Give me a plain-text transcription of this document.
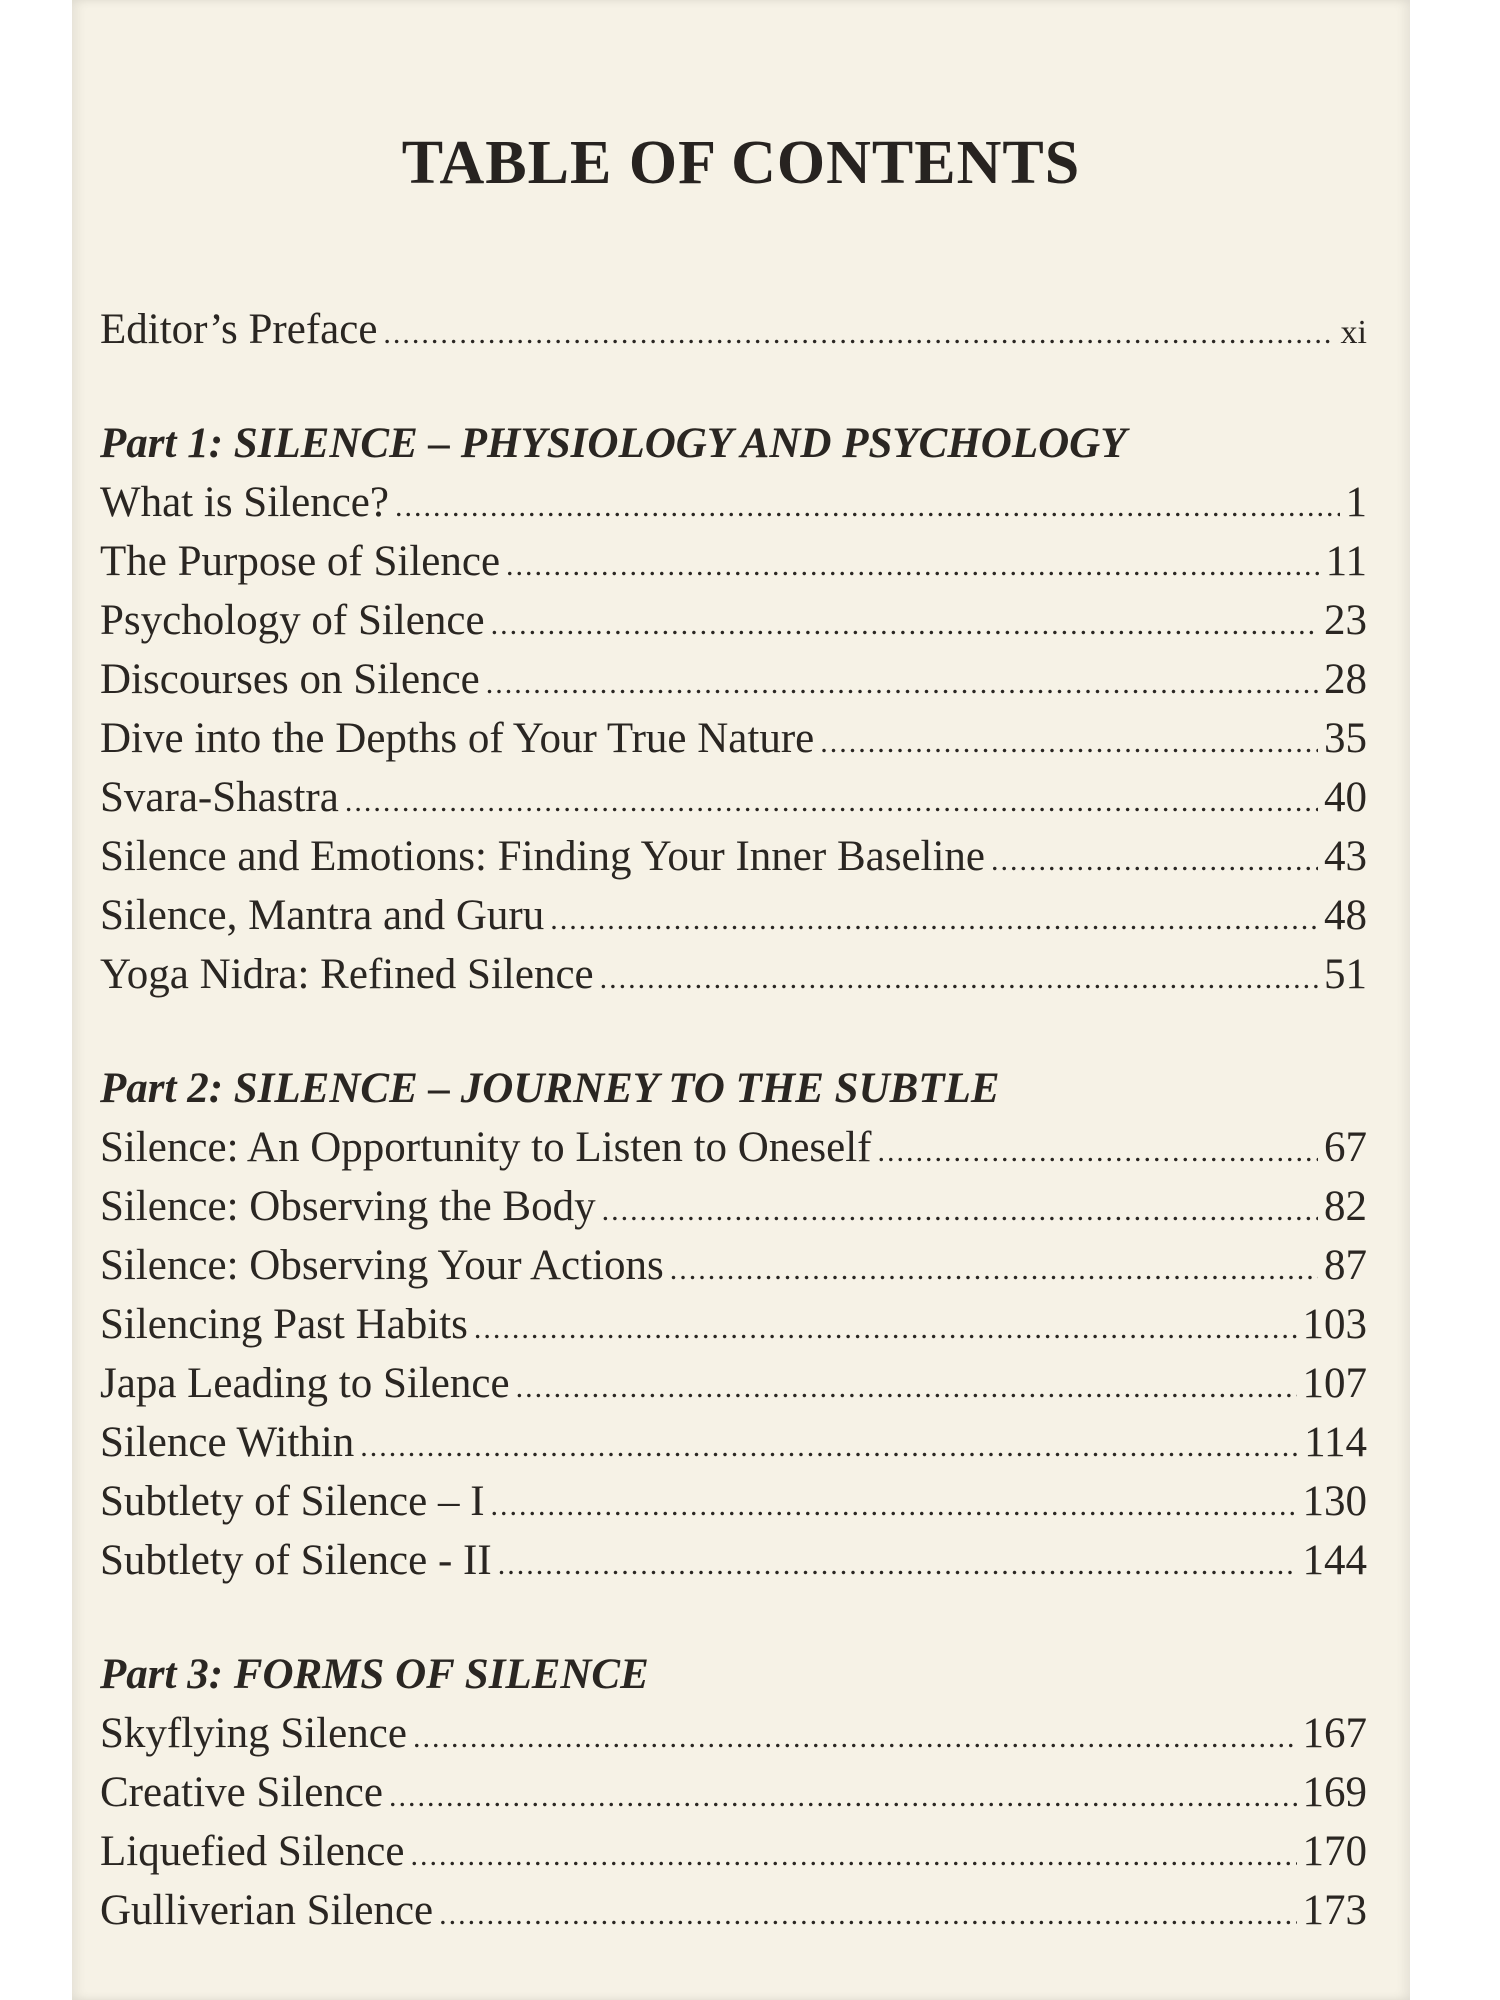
TABLE OF CONTENTS
Editor’s Preface .....	xi
Part 1: SILENCE – PHYSIOLOGY AND PSYCHOLOGY
What is Silence? .....	1
The Purpose of Silence .....	11
Psychology of Silence .....	23
Discourses on Silence .....	28
Dive into the Depths of Your True Nature .....	35
Svara-Shastra .....	40
Silence and Emotions: Finding Your Inner Baseline .....	43
Silence, Mantra and Guru .....	48
Yoga Nidra: Refined Silence .....	51
Part 2: SILENCE – JOURNEY TO THE SUBTLE
Silence: An Opportunity to Listen to Oneself .....	67
Silence: Observing the Body .....	82
Silence: Observing Your Actions .....	87
Silencing Past Habits .....	103
Japa Leading to Silence .....	107
Silence Within .....	114
Subtlety of Silence – I .....	130
Subtlety of Silence - II .....	144
Part 3: FORMS OF SILENCE
Skyflying Silence .....	167
Creative Silence .....	169
Liquefied Silence .....	170
Gulliverian Silence .....	173
